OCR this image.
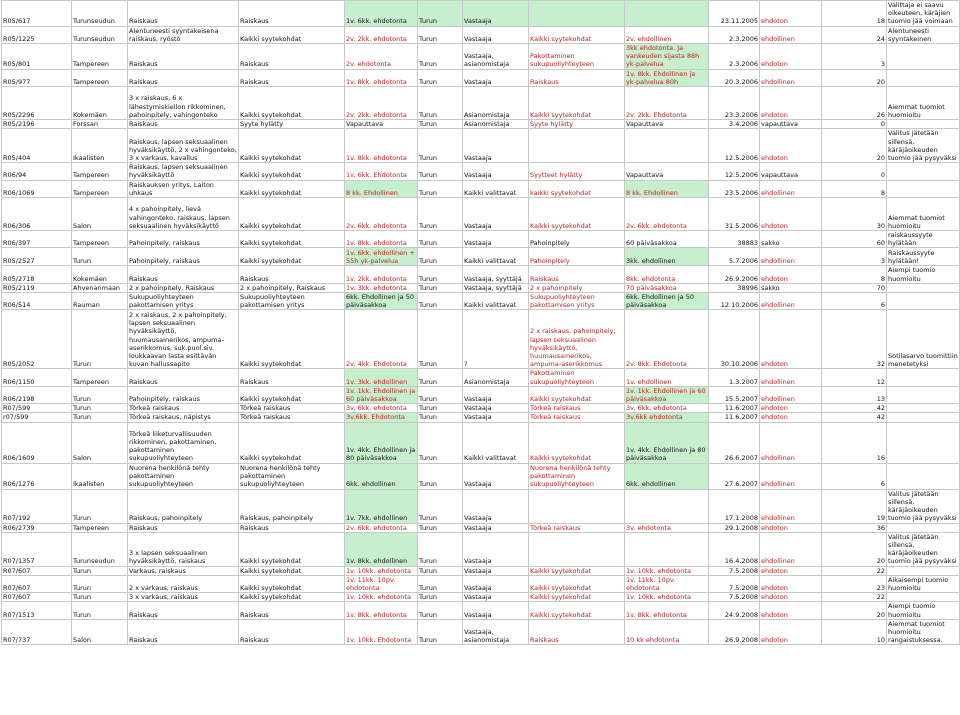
R05/617	Turunseudun	Raiskaus	Raiskaus	1v. 6kk. ehdotonta	Turun	Vastaaja			23.11.2005	ehdoton	18	Valittaja ei saavu oikeuteen, käräjien tuomio jää voimaan
R05/1225	Turunseudun	Alentuneesti syyntakeisena raiskaus, ryöstö	Kaikki syytekohdat	2v. 2kk. ehdotonta	Turun	Vastaaja	Kaikki syytekohdat	2v. ehdollinen	2.3.2006	ehdollinen	24	Alentuneesti syyntakeinen
R05/801	Tampereen	Raiskaus	Raiskaus	2v. ehdotonta	Turun	Vastaaja, asianomistaja	Pakottaminen sukupuoliyhteyteen	3kk ehdotonta. Ja vankeuden sijasta 88h yk-palvelua	2.3.2006	ehdoton	3	
R05/977	Tampereen	Raiskaus	Raiskaus	1v. 8kk. ehdotonta	Turun	Vastaaja	Raiskaus	1v. 8kk. Ehdollinen ja yk-palvelua 80h	20.3.2006	ehdollinen	20	
R05/2296	Kokemäen	3 x raiskaus, 6 x lähestymiskiellon rikkominen, pahoinpitely, vahingonteko	Kaikki syytekohdat	2v. 2kk. ehdotonta	Turun	Asianomistaja	Kaikki syytekohdat	2v. 2kk. Ehdotonta	23.3.2006	ehdoton	26	Aiemmat tuomiot huomioitu
R05/2196	Forssan	Raiskaus	Syyte hylätty	Vapauttava	Turun	Asianomistaja	Syyte hylätty	Vapauttava	3.4.2006	vapauttava	0	
R05/404	Ikaalisten	Raiskaus, lapsen seksuaalinen hyväksikäyttö, 2 x vahingonteko, 3 x varkaus, kavallus	Kaikki syytekohdat	1v. 8kk. ehdotonta	Turun	Vastaaja			12.5.2006	ehdoton	20	Valitus jätetään sillensä, käräjäoikeuden tuomio jää pysyväksi
R06/94	Tampereen	Raiskaus, lapsen seksuaalinen hyväksikäyttö	Kaikki syytekohdat	1v. 6kk. Ehdotonta	Turun	Vastaaja	Syytteet hylätty	Vapauttava	12.5.2006	vapauttava	0	
R06/1069	Tampereen	Raiskauksen yritys, Laiton uhkaus	Kaikki syytekohdat	8 kk. Ehdollinen	Turun	Kaikki valittavat	kaikki syytekohdat	8 kk. Ehdollinen	23.5.2006	ehdollinen	8	
R06/306	Salon	4 x pahoinpitely, lievä vahingonteko, raiskaus, lapsen seksuaalinen hyväksikäyttö	Kaikki syytekohdat	2v. 6kk. ehdotonta	Turun	Vastaaja	Kaikki syytekohdat	2v. 6kk. ehdotonta	31.5.2006	ehdoton	30	Aiemmat tuomiot huomioitu
R06/397	Tampereen	Pahoinpitely, raiskaus	Kaikki syytekohdat	1v. 8kk. ehdotonta	Turun	Vastaaja	Pahoinpitely	60 päiväsakkoa	38883	sakko	60	raiskaussyyte hylätään
R05/2527	Turun	Pahoinpitely, raiskaus	Kaikki syytekohdat	1v. 6kk. ehdollinen + 55h yk-palvelua	Turun	Kaikki valittavat	Pahoinpitely	3kk. ehdollinen	5.7.2006	ehdollinen	3	Raiskaussyyte hylätään!
R05/2718	Kokemäen	Raiskaus	Raiskaus	1v. 2kk. ehdotonta	Turun	Vastaaja, syyttäjä	Raiskaus	8kk. ehdotonta	26.9.2006	ehdoton	8	Aiempi tuomio huomioitu
R05/2119	Ahvenanmaan	2 x pahoinpitely, Raiskaus	2 x pahoinpitely, Raiskaus	1v. 3kk. ehdotonta	Turun	Vastaaja, syyttäjä	2 x pahoinpitely	70 päiväsakkoa	38996	sakko	70	
R06/514	Rauman	Sukupuoliyhteyteen pakottamisen yritys	Sukupuoliyhteyteen pakottamisen yritys	6kk. Ehdollinen ja 50 päiväsakkoa	Turun	Kaikki valittavat	Sukupuoliyhteyteen pakottamisen yritys	6kk. Ehdollinen ja 50 päiväsakkoa	12.10.2006	ehdollinen	6	
R05/2052	Turun	2 x raiskaus, 2 x pahoinpitely, lapsen seksuaalinen hyväksikäyttö, huumausainerikos, ampuma-aserikkomus, suk.puol.siv. loukkaavan lasta esittävän kuvan hallussapito	Kaikki syytekohdat	2v. 4kk. Ehdotonta	Turun	?	2 x raiskaus, pahoinpitely, lapsen seksuaalinen hyväksikäyttö, huumausainerikos, ampuma-aserikkomus	2v. 8kk. Ehdotonta	30.10.2006	ehdoton	32	Sotilasarvo tuomittiin menetetyksi
R06/1150	Tampereen	Raiskaus	Raiskaus	1v. 3kk. ehdollinen	Turun	Asianomistaja	Pakottaminen sukupuoliyhteyteen	1v. ehdollinen	1.3.2007	ehdollinen	12	
R06/2198	Turun	Pahoinpitely, raiskaus	Kaikki syytekohdat	1v. 1kk. Ehdollinen ja 60 päiväsakkoa	Turun	Vastaaja	Kaikki syytekohdat	1v. 1kk. Ehdollinen ja 60 päiväsakkoa	15.5.2007	ehdollinen	13	
R07/599	Turun	Törkeä raiskaus	Törkeä raiskaus	3v. 6kk. ehdotonta	Turun	Vastaaja	Törkeä raiskaus	3v. 6kk. ehdotonta	11.6.2007	ehdoton	42	
r07/599	Turun	Törkeä raiskaus, näpistys	Törkeä raiskaus	3v.6kk. Ehdotonta	Turun	Vastaaja	Törkeä raiskaus	3v.6kk ehdotonta	11.6.2007	ehdoton	42	
R06/1609	Salon	Törkeä liiketurvallisuuden rikkominen, pakottaminen, pakottaminen sukupuoliyhteyteen	Kaikki syytekohdat	1v. 4kk. Ehdollinen ja 80 päiväsakkoa	Turun	Kaikki valittavat	Kaikki syytekohdat	1v. 4kk. Ehdollinen ja 80 päiväsakkoa	26.6.2007	ehdollinen	16	
R06/1276	Ikaalisten	Nuorena henkilönä tehty pakottaminen sukupuoliyhteyteen	Nuorena henkilönä tehty pakottaminen sukupuoliyhteyteen	6kk. ehdollinen	Turun	Vastaaja	Nuorena henkilönä tehty pakottaminen sukupuoliyhteyteen	6kk. ehdollinen	27.6.2007	ehdollinen	6	
R07/192	Turun	Raiskaus, pahoinpitely	Raiskaus, pahoinpitely	1v. 7kk. ehdollinen	Turun	Vastaaja			17.1.2008	ehdollinen	19	Valitus jätetään sillensä, käräjäoikeuden tuomio jää pysyväksi
R06/2739	Tampereen	Raiskaus	Raiskaus	2v. 6kk. ehdotonta	Turun	Vastaaja	Törkeä raiskaus	3v. ehdotonta	29.1.2008	ehdoton	36	
R07/1357	Turunseudun	3 x lapsen seksuaalinen hyväksikäyttö, raiskaus	Kaikki syytekohdat	1v. 8kk. ehdollinen	Turun	Vastaaja			16.4.2008	ehdollinen	20	Valitus jätetään sillensä, käräjäoikeuden tuomio jää pysyväksi
R07/607	Turun	Varkaus, raiskaus	Kaikki syytekohdat	1v. 10kk. ehdotonta	Turun	Vastaaja	Kaikki syytekohdat	1v. 10kk. ehdotonta	7.5.2008	ehdoton	22	
R07/607	Turun	2 x varkaus, raiskaus	Kaikki syytekohdat	1v. 11kk. 10pv. ehdotonta	Turun	Vastaaja	Kaikki syytekohdat	1v. 11kk. 10pv. ehdotonta	7.5.2008	ehdoton	23	Aikaisempi tuomio huomioitu
R07/607	Turun	3 x varkaus, raiskaus	Kaikki syytekohdat	1v. 10kk. ehdotonta	Turun	Vastaaja	Kaikki syytekohdat	1v. 10kk. ehdotonta	7.5.2008	ehdoton	22	
R07/1513	Turun	Raiskaus	Raiskaus	1v. 8kk. ehdotonta	Turun	Vastaaja	Kaikki syytekohdat	1v. 8kk. ehdotonta	24.9.2008	ehdoton	20	Aiempi tuomio huomioitu
R07/737	Salon	Raiskaus	Raiskaus	1v. 10kk. Ehdotonta	Turun	Vastaaja, asianomistaja	Raiskaus	10 kk ehdotonta	26.9.2008	ehdoton	10	Aiemmat tuomiot huomioitu rangaistuksessa.
